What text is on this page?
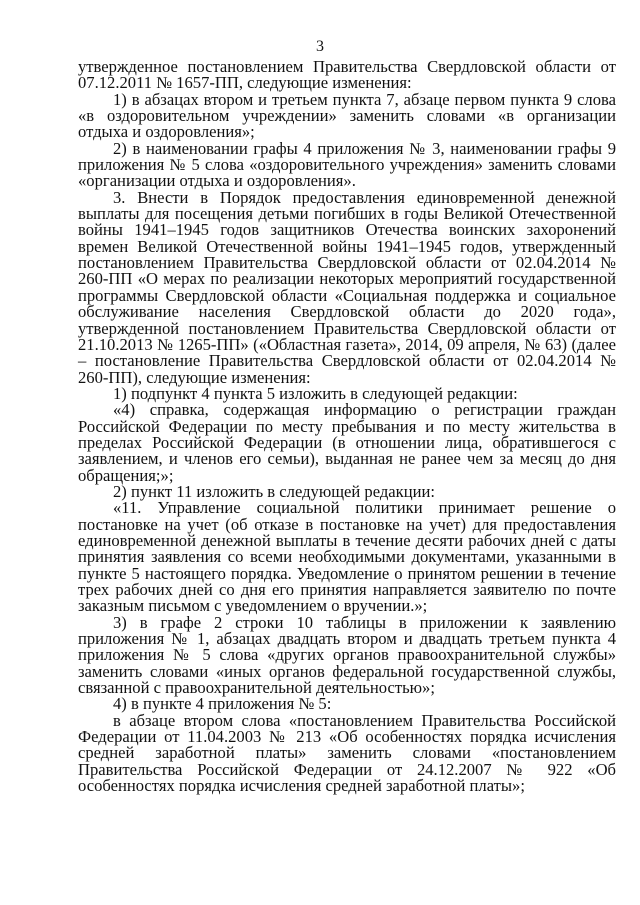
3

утвержденное постановлением Правительства Свердловской области от 07.12.2011 № 1657-ПП, следующие изменения:

1) в абзацах втором и третьем пункта 7, абзаце первом пункта 9 слова «в оздоровительном учреждении» заменить словами «в организации отдыха и оздоровления»;

2) в наименовании графы 4 приложения № 3, наименовании графы 9 приложения № 5 слова «оздоровительного учреждения» заменить словами «организации отдыха и оздоровления».

3. Внести в Порядок предоставления единовременной денежной выплаты для посещения детьми погибших в годы Великой Отечественной войны 1941–1945 годов защитников Отечества воинских захоронений времен Великой Отечественной войны 1941–1945 годов, утвержденный постановлением Правительства Свердловской области от 02.04.2014 № 260-ПП «О мерах по реализации некоторых мероприятий государственной программы Свердловской области «Социальная поддержка и социальное обслуживание населения Свердловской области до 2020 года», утвержденной постановлением Правительства Свердловской области от 21.10.2013 № 1265-ПП» («Областная газета», 2014, 09 апреля, № 63) (далее – постановление Правительства Свердловской области от 02.04.2014 № 260-ПП), следующие изменения:

1) подпункт 4 пункта 5 изложить в следующей редакции:

«4) справка, содержащая информацию о регистрации граждан Российской Федерации по месту пребывания и по месту жительства в пределах Российской Федерации (в отношении лица, обратившегося с заявлением, и членов его семьи), выданная не ранее чем за месяц до дня обращения;»;

2) пункт 11 изложить в следующей редакции:

«11. Управление социальной политики принимает решение о постановке на учет (об отказе в постановке на учет) для предоставления единовременной денежной выплаты в течение десяти рабочих дней с даты принятия заявления со всеми необходимыми документами, указанными в пункте 5 настоящего порядка. Уведомление о принятом решении в течение трех рабочих дней со дня его принятия направляется заявителю по почте заказным письмом с уведомлением о вручении.»;

3) в графе 2 строки 10 таблицы в приложении к заявлению приложения № 1, абзацах двадцать втором и двадцать третьем пункта 4 приложения № 5 слова «других органов правоохранительной службы» заменить словами «иных органов федеральной государственной службы, связанной с правоохранительной деятельностью»;

4) в пункте 4 приложения № 5:

в абзаце втором слова «постановлением Правительства Российской Федерации от 11.04.2003 № 213 «Об особенностях порядка исчисления средней заработной платы» заменить словами «постановлением Правительства Российской Федерации от 24.12.2007 № 922 «Об особенностях порядка исчисления средней заработной платы»;
